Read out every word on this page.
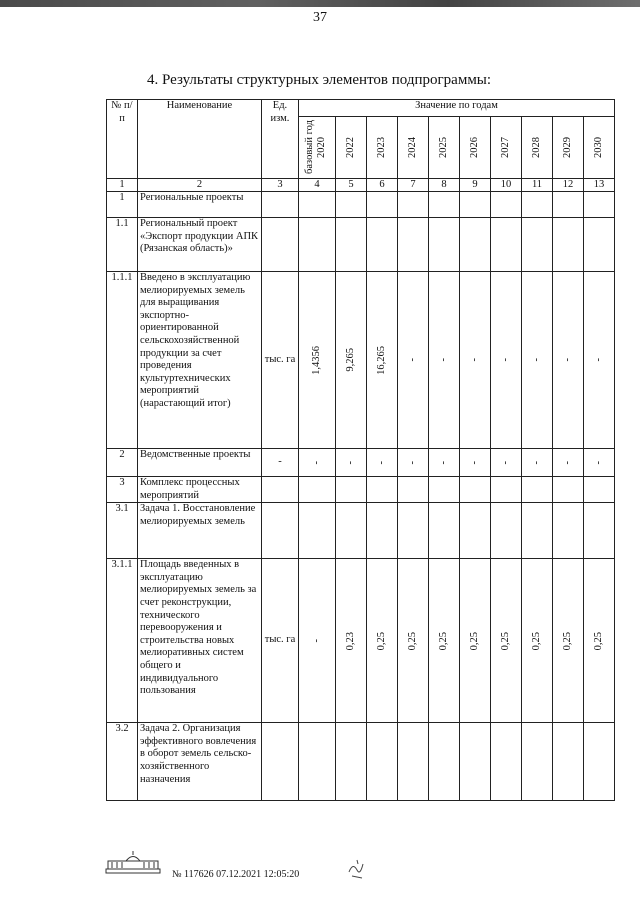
37
4. Результаты структурных элементов подпрограммы:
№ п/п	Наименование	Ед. изм.	Значение по годам									

			базовый год 2020	2022	2023	2024	2025	2026	2027	2028	2029	2030

1	2	3	4	5	6	7	8	9	10	11	12	13
1	Региональные проекты		

1.1	Региональный проект «Экспорт продукции АПК (Рязанская область)»		

1.1.1	Введено в эксплуатацию мелиорируемых земель для выращивания экспортно-ориентированной сельскохозяйственной продукции за счет проведения культуртехнических мероприятий (нарастающий итог)	тыс. га	1,4356	9,265	16,265	-	-	-	-	-	-	-

2	Ведомственные проекты	-	-	-	-	-	-	-	-	-	-	-

3	Комплекс процессных мероприятий		

3.1	Задача 1. Восстановление мелиорируемых земель		

3.1.1	Площадь введенных в эксплуатацию мелиорируемых земель за счет реконструкции, технического перевооружения и строительства новых мелиоративных систем общего и индивидуального пользования	тыс. га	-	0,23	0,25	0,25	0,25	0,25	0,25	0,25	0,25	0,25

3.2	Задача 2. Организация эффективного вовлечения в оборот земель сельско-хозяйственного назначения		

№ 117626 07.12.2021 12:05:20
